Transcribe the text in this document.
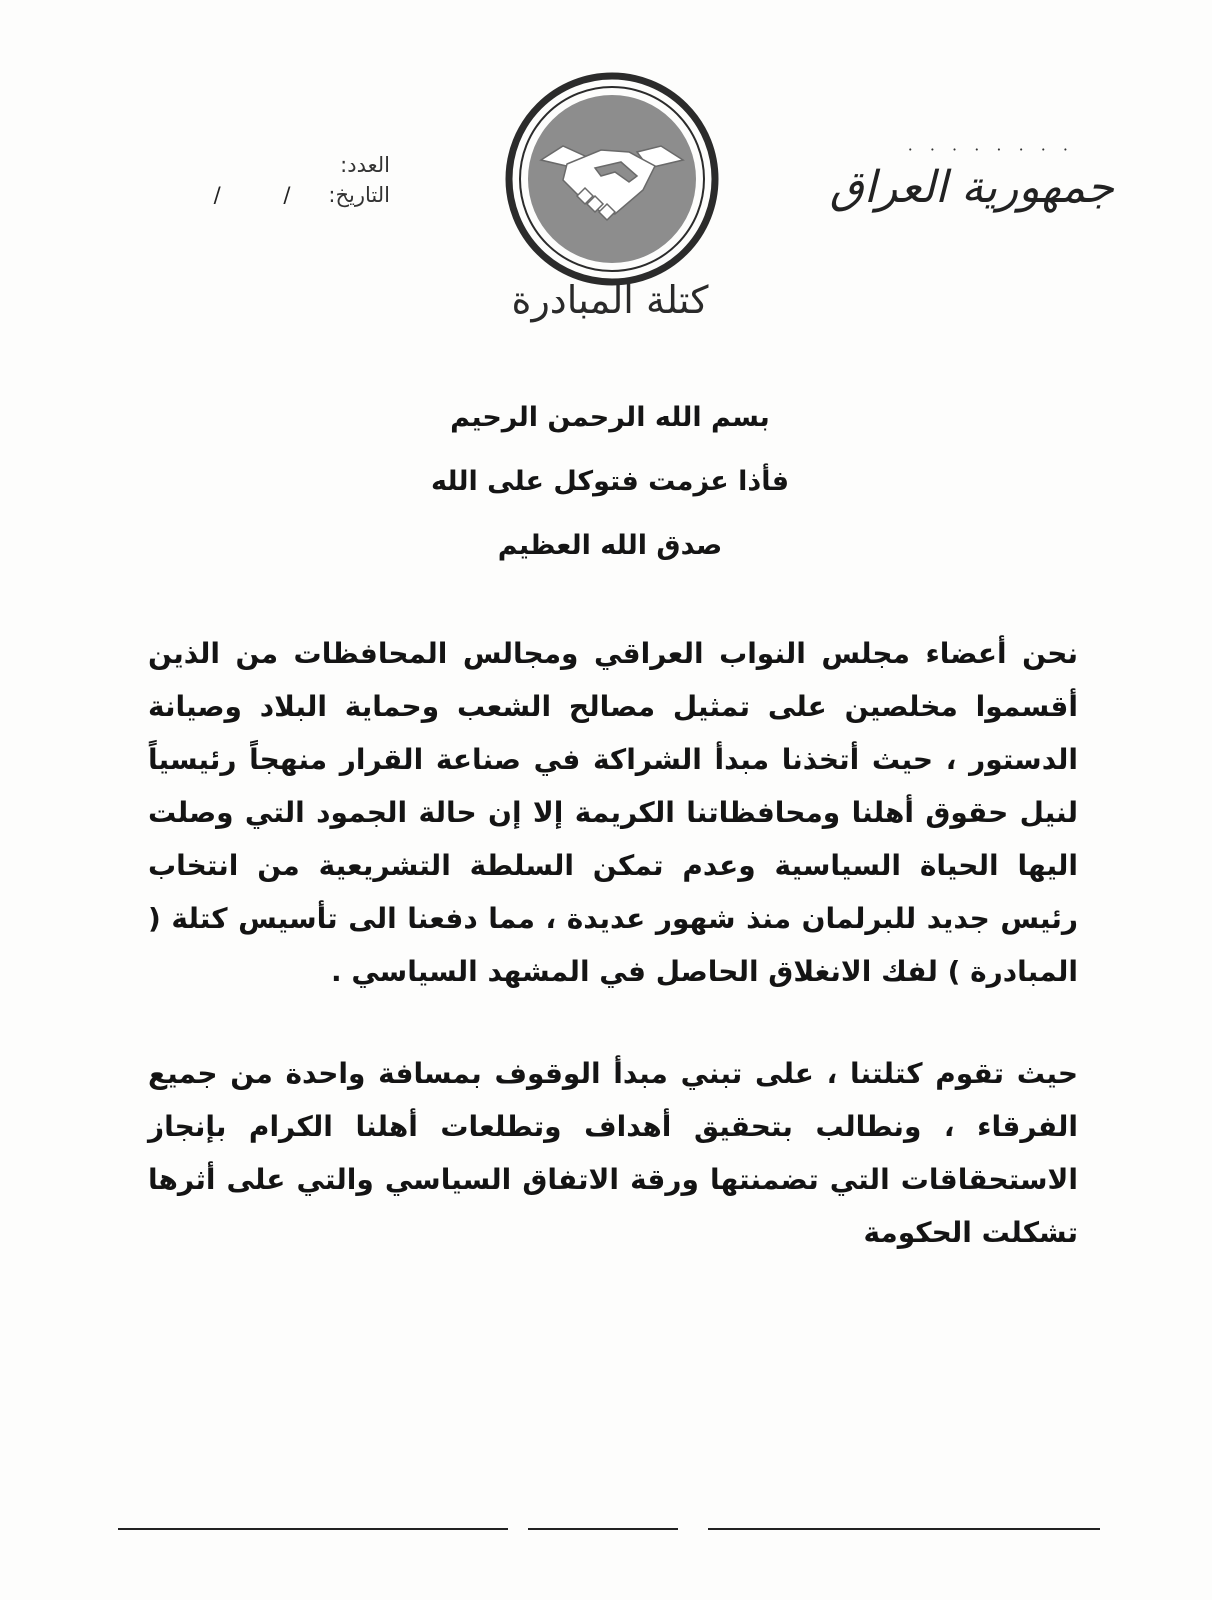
العدد:
التاريخ:
/ /
· · · · · · · ·
جمهورية العراق
كتلة المبادرة
بسم الله الرحمن الرحيم
فأذا عزمت فتوكل على الله
صدق الله العظيم
نحن أعضاء مجلس النواب العراقي ومجالس المحافظات من الذين أقسموا مخلصين على تمثيل مصالح الشعب وحماية البلاد وصيانة الدستور ، حيث أتخذنا مبدأ الشراكة في صناعة القرار منهجاً رئيسياً لنيل حقوق أهلنا ومحافظاتنا الكريمة إلا إن حالة الجمود التي وصلت اليها الحياة السياسية وعدم تمكن السلطة التشريعية من انتخاب رئيس جديد للبرلمان منذ شهور عديدة ، مما دفعنا الى تأسيس كتلة ( المبادرة ) لفك الانغلاق الحاصل في المشهد السياسي .
حيث تقوم كتلتنا ، على تبني مبدأ الوقوف بمسافة واحدة من جميع الفرقاء ، ونطالب بتحقيق أهداف وتطلعات أهلنا الكرام بإنجاز الاستحقاقات التي تضمنتها ورقة الاتفاق السياسي والتي على أثرها تشكلت الحكومة
